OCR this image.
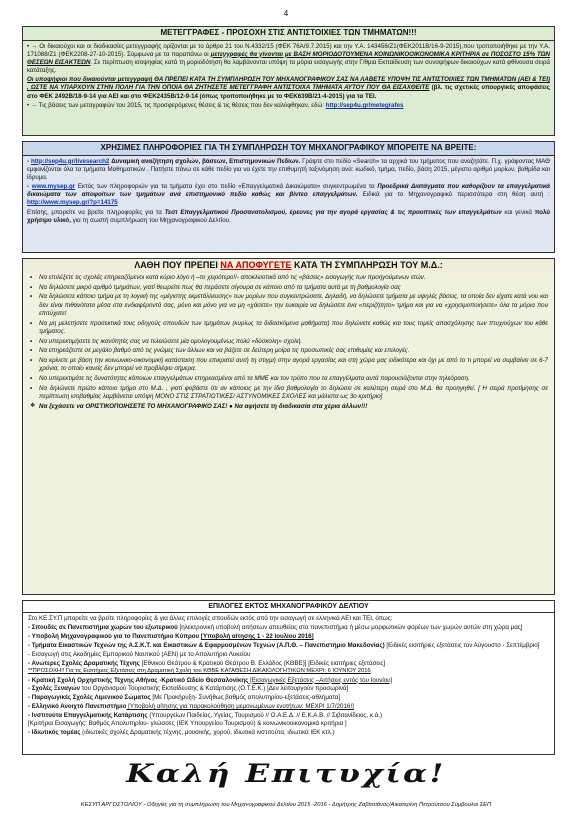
4
ΜΕΤΕΓΓΡΑΦΕΣ - ΠΡΟΣΟΧΗ ΣΤΙΣ ΑΝΤΙΣΤΟΙΧΙΕΣ ΤΩΝ ΤΜΗΜΑΤΩΝ!!!
• → Οι δικαιούχοι και οι διαδικασίες μετεγγραφής ορίζονται με το άρθρο 21 του Ν.4332/15 (ΦΕΚ 76Α/9.7.2015) και την Υ.Α. 143456/Ζ1(ΦΕΚ2011Β/16-9-2015),που τροποποιήθηκε με την Υ.Α. 171088/Ζ1 (ΦΕΚ2208-27-10-2015). Σύμφωνα με τα παραπάνω οι μετεγγραφές θα γίνονται με ΒΑΣΗ ΜΟΡΙΟΔΟΤΟΥΜΕΝΑ ΚΟΙΝΩΝΙΚΟΟΙΚΟΝΟΜΙΚΑ ΚΡΙΤΗΡΙΑ σε ΠΟΣΟΣΤΟ 15% ΤΩΝ ΘΕΣΕΩΝ ΕΙΣΑΚΤΕΩΝ. Σε περίπτωση ισοψηφίας κατά τη μοριοδότηση θα λαμβάνονται υπόψη τα μόρια εισαγωγής στην Γ/θμια Εκπαίδευση των συνοψήφων δικαιούχων κατά φθίνουσα σειρά κατάταξης.
Οι υποψήφιοι που δικαιούνται μετεγγραφή ΘΑ ΠΡΕΠΕΙ ΚΑΤΑ ΤΗ ΣΥΜΠΛΗΡΩΣΗ ΤΟΥ ΜΗΧΑΝΟΓΡΑΦΙΚΟΥ ΣΑΣ ΝΑ ΛΑΒΕΤΕ ΥΠΟΨΗ ΤΙΣ ΑΝΤΙΣΤΟΙΧΙΕΣ ΤΩΝ ΤΜΗΜΑΤΩΝ (ΑΕΙ & ΤΕΙ) , ΩΣΤΕ ΝΑ ΥΠΑΡΧΟΥΝ ΣΤΗΝ ΠΟΛΗ ΓΙΑ ΤΗΝ ΟΠΟΙΑ ΘΑ ΖΗΤΗΣΕΤΕ ΜΕΤΕΓΓΡΑΦΗ ΑΝΤΙΣΤΟΙΧΑ ΤΜΗΜΑΤΑ ΑΥΤΟΥ ΠΟΥ ΘΑ ΕΙΣΑΧΘΕΙΤΕ (βλ. τις σχετικές υπουργικές αποφάσεις στο ΦΕΚ 2492Β/18-9-14 για ΑΕΙ και στο ΦΕΚ2435Β/12-9-14 (όπως τροποποιήθηκε με το ΦΕΚ639Β/21-4-2015) για τα ΤΕΙ.
• → Τις βάσεις των μεταγραφών του 2015, τις προσφερόμενες θέσεις & τις θέσεις που δεν καλύφθηκαν, εδώ: http://sep4u.gr/metegrafes
ΧΡΗΣΙΜΕΣ ΠΛΗΡΟΦΟΡΙΕΣ ΓΙΑ ΤΗ ΣΥΜΠΛΗΡΩΣΗ ΤΟΥ ΜΗΧΑΝΟΓΡΑΦΙΚΟΥ ΜΠΟΡΕΙΤΕ ΝΑ ΒΡΕΙΤΕ:
- http://sep4u.gr/livesearch2 Δυναμική αναζήτηση σχολών, βάσεων, Επιστημονικών Πεδίων. Γράψτε στο πεδίο «Search» τα αρχικά του τμήματος που αναζητάτε. Π.χ. γράφοντας ΜΑΘ εμφανίζονται όλα τα τμήματα Μαθηματικών . Πατήστε πάνω σε κάθε πεδίο για να έχετε την επιθυμητή ταξινόμηση ανά: κωδικό, τμήμα, πεδίο, βάση 2015, μέγιστο αριθμό μορίων, βαθμίδα και ίδρυμα.
- www.mysep.gr Εκτός των πληροφοριών για τα τμήματα έχει στο πεδίο «Επαγγελματικά Δικαιώματα» συγκεντρωμένα τα Προεδρικά Διατάγματα που καθορίζουν τα επαγγελματικά δικαιώματα των αποφοίτων των τμημάτων ανά επιστημονικό πεδίο καθώς και βίντεο επαγγελμάτων. Ειδικά για το Μηχανογραφικό περισσότερα στη θέση αυτή : http://www.mysep.gr/?p=14175
Επίσης, μπορείτε να βρείτε πληροφορίες για τα Τεστ Επαγγελματικού Προσανατολισμού, έρευνες για την αγορά εργασίας & τις προοπτικές των επαγγελμάτων και γενικά πολύ χρήσιμο υλικό, για τη σωστή συμπλήρωση του Μηχανογραφικού Δελτίου.
ΛΑΘΗ ΠΟΥ ΠΡΕΠΕΙ ΝΑ ΑΠΟΦΥΓΕΤΕ ΚΑΤΑ ΤΗ ΣΥΜΠΛΗΡΩΣΗ ΤΟΥ Μ.Δ.:
• Να επιλέξετε τις σχολές επηρεαζόμενοι κατά κύριο λόγο ή –το χειρότερο!!- αποκλειστικά από τις «βάσεις» εισαγωγής των προηγούμενων ετών.
• Να δηλώσετε μικρό αριθμό τμημάτων, γιατί θεωρείτε πως θα περάσετε σίγουρα σε κάποιο από τα τμήματα αυτά με τη βαθμολογία σας
• Να δηλώσετε κάποιο τμήμα με τη λογική της «μέγιστης εκμετάλλευσης» των μορίων που συγκεντρώσατε. Δηλαδή, να δηλώσετε τμήματα με υψηλές βάσεις, τα οποία δεν είχατε κατά νου και δεν είναι πιθανότατα μέσα στα ενδιαφέροντά σας, μόνο και μόνο για να μη «χάσετε» την ευκαιρία να δηλώσετε ένα «περιζήτητο» τμήμα και για να «χρησιμοποιήσετε» όλα τα μόρια που επιτύχατε!
• Να μη μελετήσετε προσεκτικά τους οδηγούς σπουδών των τμημάτων (κυρίως τα διδασκόμενα μαθήματα) που δηλώνετε καθώς και τους τομείς απασχόλησης των πτυχιούχων του κάθε τμήματος.
• Να υπερεκτιμήσετε τις ικανότητές σας να τελειώσετε μία ομολογουμένως πολύ «δύσκολη» σχολή.
• Να επηρεάζεστε σε μεγάλο βαθμό από τις γνώμες των άλλων και να βάζετε σε δεύτερη μοίρα τις προσωπικές σας επιθυμίες και επιλογές.
• Να κρίνετε με βάση την κοινωνικο-οικονομική κατάσταση που επικρατεί αυτή τη στιγμή στην αγορά εργασίας και στη χώρα μας ειδικότερα και όχι με από το τι μπορεί να συμβαίνει σε 6-7 χρόνια, το οποίο κανείς δεν μπορεί να προβλέψει σήμερα.
• Να υπερεκτιμάτε τις δυνατότητες κάποιων επαγγελμάτων επηρεασμένοι από τα ΜΜΕ και τον τρόπο που τα επαγγέλματα αυτά παρουσιάζονται στην τηλεόραση.
• Να δηλώνετε πρώτο κάποιο τμήμα στο Μ.Δ. , γιατί φοβάστε ότι αν κάποιος με την ίδια βαθμολογία το δηλώσει σε καλύτερη σειρά στο Μ.Δ. θα προηγηθεί. [ Η σειρά προτίμησης σε περίπτωση ισοβαθμίας λαμβάνεται υπόψη ΜΟΝΟ ΣΤΙΣ ΣΤΡΑΤΙΩΤΙΚΕΣ/ ΑΣΤΥΝΟΜΙΚΕΣ ΣΧΟΛΕΣ και μάλιστα ως 3ο κριτήριο]
❖ Να ξεχάσετε να ΟΡΙΣΤΙΚΟΠΟΙΗΣΕΤΕ ΤΟ ΜΗΧΑΝΟΓΡΑΦΙΚΟ ΣΑΣ! ● Να αφήσετε τη διαδικασία στα χέρια άλλων!!!
ΕΠΙΛΟΓΕΣ ΕΚΤΟΣ ΜΗΧΑΝΟΓΡΑΦΙΚΟΥ ΔΕΛΤΙΟΥ
Στο ΚΕ.ΣΥ.Π μπορείτε να βρείτε πληροφορίες & για άλλες επιλογές σπουδών εκτός από την εισαγωγή σε ελληνικά ΑΕΙ και ΤΕΙ, όπως:
- Σπουδές σε Πανεπιστήμια χωρών του εξωτερικού [ηλεκτρονική υποβολή αιτήσεων απευθείας στα πανεπιστήμια ή μέσω μορφωτικών φορέων των χωρών αυτών στη χώρα μας]
- Υποβολή Μηχανογραφικού για το Πανεπιστήμιο Κύπρου [Υποβολή αίτησης 1 - 22 Ιουλίου 2016]
- Τμήματα Εικαστικών Τεχνών της Α.Σ.Κ.Τ. και Εικαστικών & Εφαρμοσμένων Τεχνών (Α.Π.Θ. – Πανεπιστήμιο Μακεδονίας) [Ειδικές εισιτήριες εξετάσεις τον Αύγουστο - Σεπτέμβριο]
- Εισαγωγή στις Ακαδημίες Εμπορικού Ναυτικού (ΑΕΝ) με το Απολυτήριο Λυκείου
- Ανώτερες Σχολές Δραματικής Τέχνης [Εθνικού Θεάτρου & Κρατικού Θεάτρου Β. Ελλάδος (ΚΘΒΕ)] [Ειδικές εισιτήριες εξετάσεις]
**ΠΡΟΣΟΧΗ!! Για τις Εισιτήριες Εξετάσεις στη Δραματική Σχολή του ΚΘΒΕ ΚΑΤΑΘΕΣΗ ΔΙΚΑΙΟΛΟΓΗΤΙΚΩΝ ΜΕΧΡΙ: 6 ΙΟΥΝΙΟΥ 2016
- Κρατική Σχολή Ορχηστικής Τέχνης Αθήνας -Κρατικό Ωδείο Θεσσαλονίκης [Εισαγωγικές Εξετάσεις –Αιτήσεις εντός του Ιουνίου]
- Σχολές Ξεναγών του Οργανισμού Τουριστικής Εκπαίδευσης & Κατάρτισης (Ο.Τ.Ε.Κ.) [Δεν λειτουργούν προσωρινά]
- Παραγωγικές Σχολές Λιμενικού Σώματος [Με Προκήρυξη- Συνήθως βαθμός απολυτηρίου-εξετάσεις-αθλήματα]
- Ελληνικό Ανοιχτό Πανεπιστήμιο [Υποβολή αίτησης για παρακολούθηση μεμονωμένων ενοτήτων: ΜΕΧΡΙ 1/7/2016!]
- Ινστιτούτα Επαγγελματικής Κατάρτισης (Υπουργείων Παιδείας, Υγείας, Τουρισμού // Ο.Α.Ε.Δ. // Ε.Κ.Α.Β. // Σιβιτανίδειος, κ.ά.)
[Κριτήρια Εισαγωγής: Βαθμός Απολυτηρίου- γλώσσες (ΙΕΚ Υπουργείου Τουρισμού) & κοινωνικοοικονομικά κριτήρια ]
- Ιδιωτικός τομέας (ιδιωτικές σχολές Δραματικής τέχνης, μουσικής, χορού, ιδιωτικά ινστιτούτα, ιδιωτικά ΙΕΚ κτλ.)
Καλή Επιτυχία!
ΚΕΣΥΠ ΑΡΓΟΣΤΟΛΙΟΥ - Οδηγίες για τη συμπλήρωση του Μηχανογραφικού Δελτίου 2015 -2016 - Δημήτρης Ζαβιτσιάνος/Αικατερίνη Πετρούτσου Σύμβουλοι ΣΕΠ
